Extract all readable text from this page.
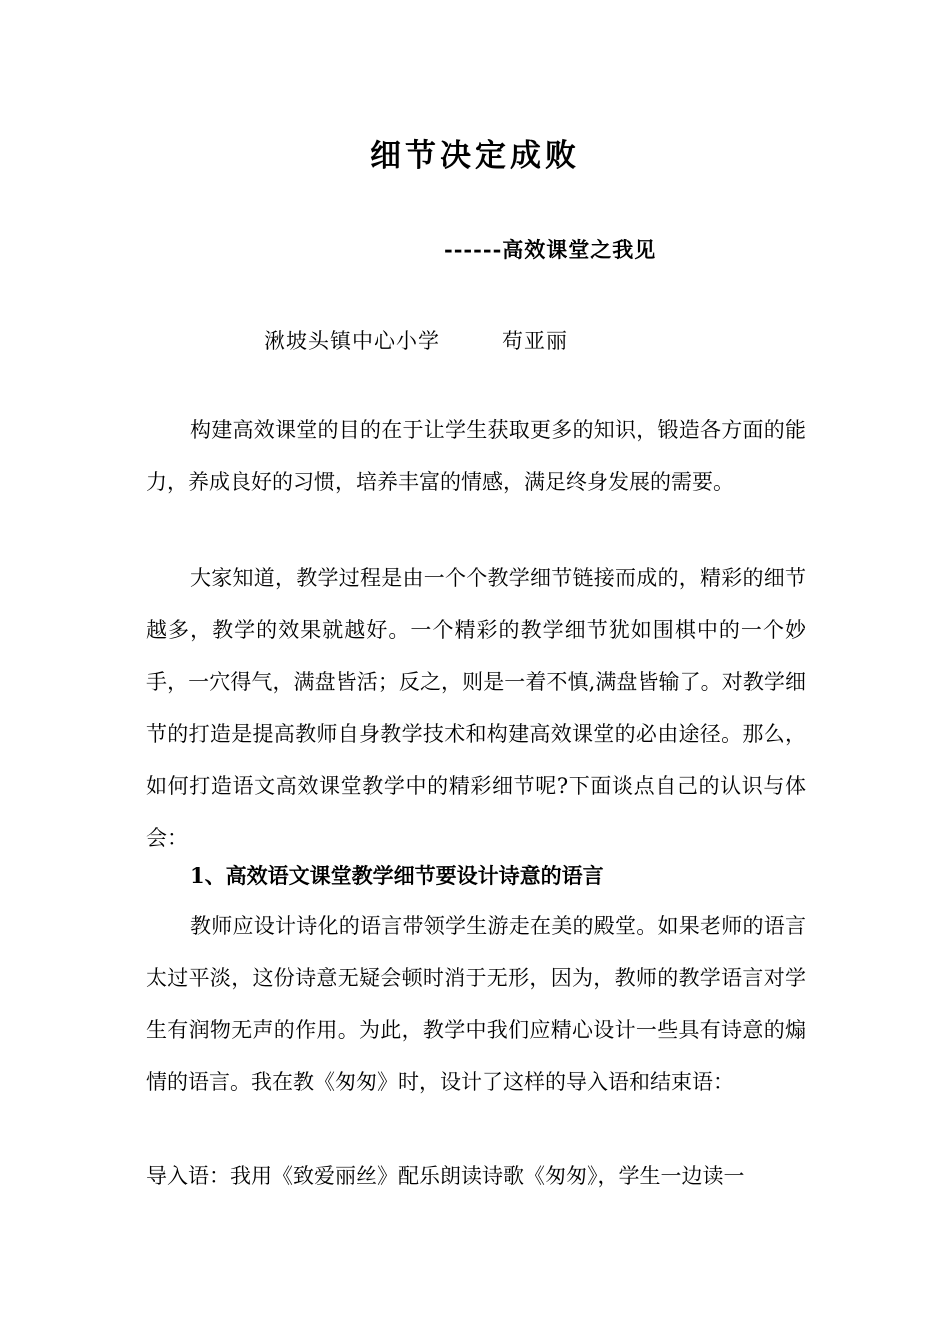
细节决定成败
------高效课堂之我见
湫坡头镇中心小学	苟亚丽
构建高效课堂的目的在于让学生获取更多的知识，锻造各方面的能力，养成良好的习惯，培养丰富的情感，满足终身发展的需要。
大家知道，教学过程是由一个个教学细节链接而成的，精彩的细节越多，教学的效果就越好。一个精彩的教学细节犹如围棋中的一个妙手，一穴得气，满盘皆活；反之，则是一着不慎,满盘皆输了。对教学细节的打造是提高教师自身教学技术和构建高效课堂的必由途径。那么，如何打造语文高效课堂教学中的精彩细节呢?下面谈点自己的认识与体会：
1、高效语文课堂教学细节要设计诗意的语言
教师应设计诗化的语言带领学生游走在美的殿堂。如果老师的语言太过平淡，这份诗意无疑会顿时消于无形，因为，教师的教学语言对学生有润物无声的作用。为此，教学中我们应精心设计一些具有诗意的煽情的语言。我在教《匆匆》时，设计了这样的导入语和结束语：
导入语：我用《致爱丽丝》配乐朗读诗歌《匆匆》，学生一边读一
